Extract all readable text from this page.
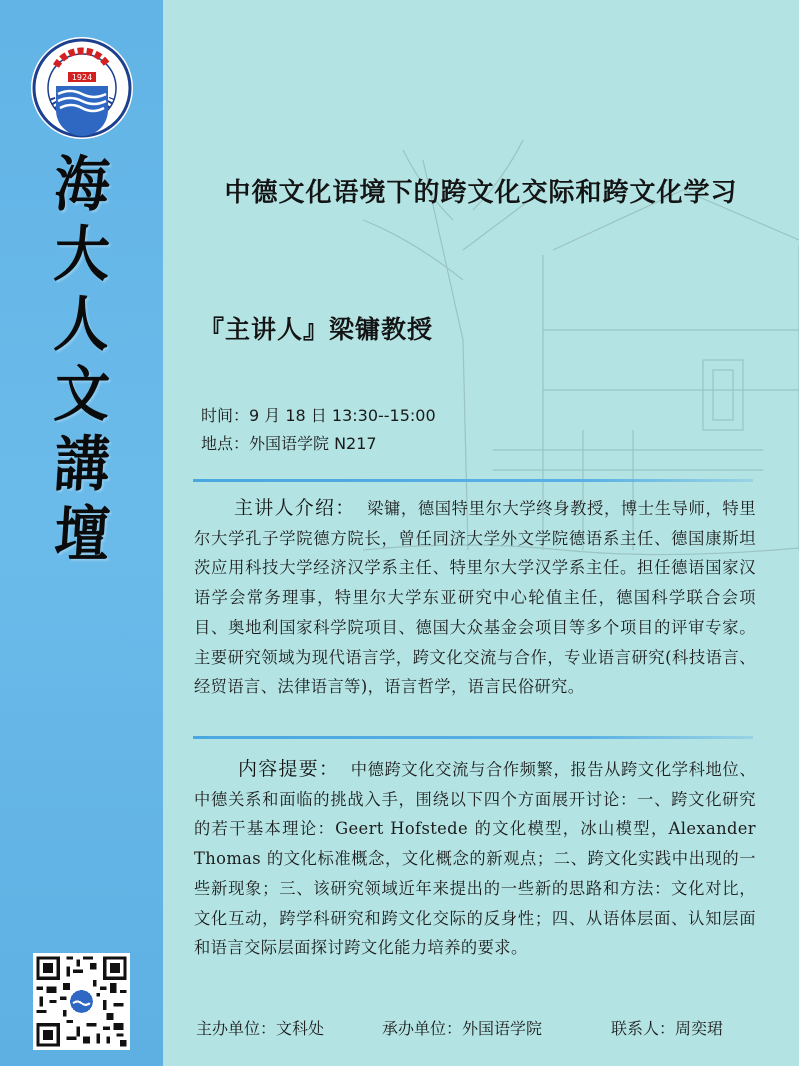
1924
海
大
人
文
講
壇
中德文化语境下的跨文化交际和跨文化学习
『主讲人』梁镛教授
时间：9 月 18 日 13:30--15:00
地点：外国语学院 N217
主讲人介绍： 梁镛，德国特里尔大学终身教授，博士生导师，特里尔大学孔子学院德方院长，曾任同济大学外文学院德语系主任、德国康斯坦茨应用科技大学经济汉学系主任、特里尔大学汉学系主任。担任德语国家汉语学会常务理事，特里尔大学东亚研究中心轮值主任，德国科学联合会项目、奥地利国家科学院项目、德国大众基金会项目等多个项目的评审专家。主要研究领域为现代语言学，跨文化交流与合作，专业语言研究(科技语言、经贸语言、法律语言等)，语言哲学，语言民俗研究。
内容提要： 中德跨文化交流与合作频繁，报告从跨文化学科地位、中德关系和面临的挑战入手，围绕以下四个方面展开讨论：一、跨文化研究的若干基本理论：Geert Hofstede 的文化模型，冰山模型，Alexander Thomas 的文化标准概念，文化概念的新观点；二、跨文化实践中出现的一些新现象；三、该研究领域近年来提出的一些新的思路和方法：文化对比，文化互动，跨学科研究和跨文化交际的反身性；四、从语体层面、认知层面和语言交际层面探讨跨文化能力培养的要求。
主办单位：文科处	承办单位：外国语学院	联系人：周奕珺
